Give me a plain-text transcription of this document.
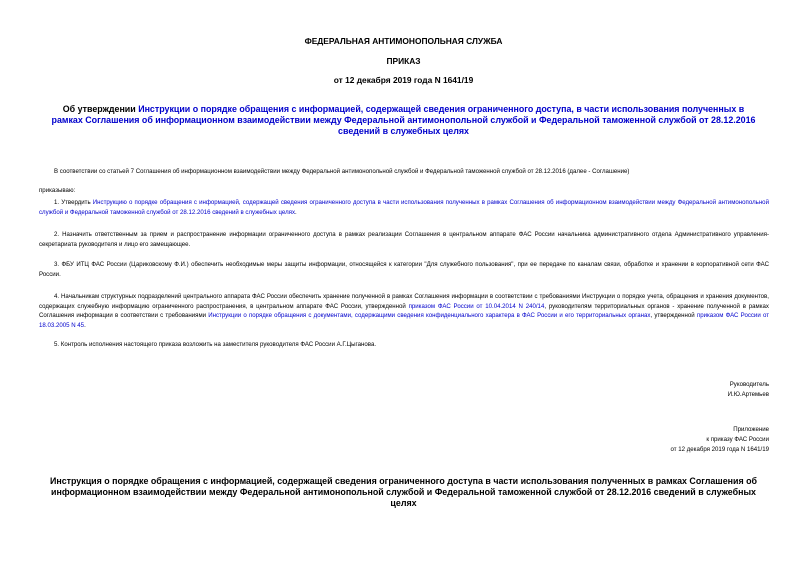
ФЕДЕРАЛЬНАЯ АНТИМОНОПОЛЬНАЯ СЛУЖБА
ПРИКАЗ
от 12 декабря 2019 года N 1641/19
Об утверждении Инструкции о порядке обращения с информацией, содержащей сведения ограниченного доступа, в части использования полученных в рамках Соглашения об информационном взаимодействии между Федеральной антимонопольной службой и Федеральной таможенной службой от 28.12.2016 сведений в служебных целях
В соответствии со статьей 7 Соглашения об информационном взаимодействии между Федеральной антимонопольной службой и Федеральной таможенной службой от 28.12.2016 (далее - Соглашение)
приказываю:
1. Утвердить Инструкцию о порядке обращения с информацией, содержащей сведения ограниченного доступа в части использования полученных в рамках Соглашения об информационном взаимодействии между Федеральной антимонопольной службой и Федеральной таможенной службой от 28.12.2016 сведений в служебных целях.
2. Назначить ответственным за прием и распространение информации ограниченного доступа в рамках реализации Соглашения в центральном аппарате ФАС России начальника административного отдела Административного управления-секретариата руководителя и лицо его замещающее.
3. ФБУ ИТЦ ФАС России (Цариковскому Ф.И.) обеспечить необходимые меры защиты информации, относящейся к категории "Для служебного пользования", при ее передаче по каналам связи, обработке и хранении в корпоративной сети ФАС России.
4. Начальникам структурных подразделений центрального аппарата ФАС России обеспечить хранение полученной в рамках Соглашения информации в соответствии с требованиями Инструкции о порядке учета, обращения и хранения документов, содержащих служебную информацию ограниченного распространения, в центральном аппарате ФАС России, утвержденной приказом ФАС России от 10.04.2014 N 240/14, руководителям территориальных органов - хранение полученной в рамках Соглашения информации в соответствии с требованиями Инструкции о порядке обращения с документами, содержащими сведения конфиденциального характера в ФАС России и его территориальных органах, утвержденной приказом ФАС России от 18.03.2005 N 45.
5. Контроль исполнения настоящего приказа возложить на заместителя руководителя ФАС России А.Г.Цыганова.
Руководитель
И.Ю.Артемьев
Приложение
к приказу ФАС России
от 12 декабря 2019 года N 1641/19
Инструкция о порядке обращения с информацией, содержащей сведения ограниченного доступа в части использования полученных в рамках Соглашения об информационном взаимодействии между Федеральной антимонопольной службой и Федеральной таможенной службой от 28.12.2016 сведений в служебных целях
